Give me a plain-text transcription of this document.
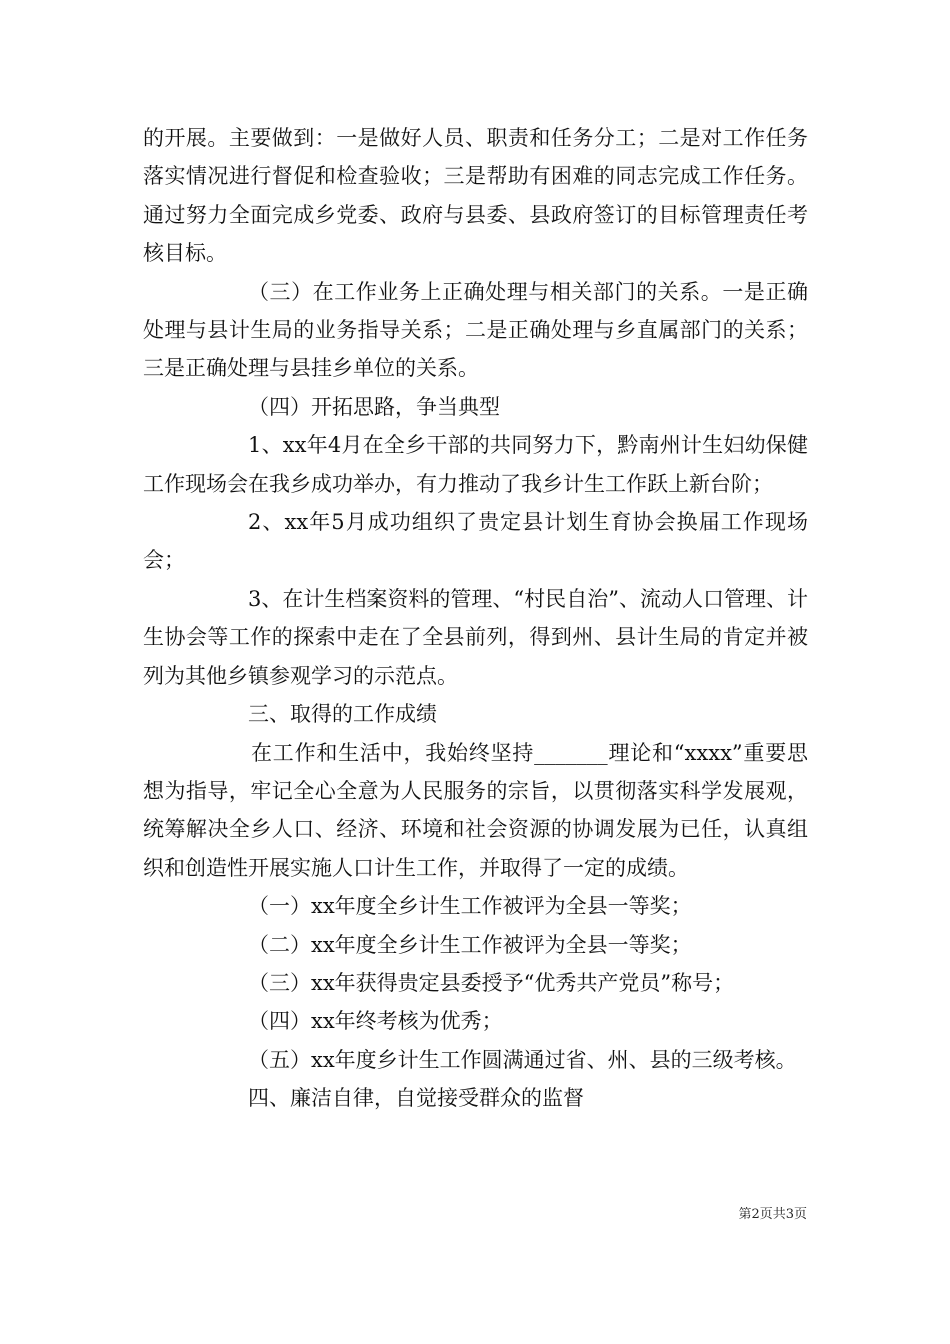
的开展。主要做到：一是做好人员、职责和任务分工；二是对工作任务落实情况进行督促和检查验收；三是帮助有困难的同志完成工作任务。通过努力全面完成乡党委、政府与县委、县政府签订的目标管理责任考核目标。

（三）在工作业务上正确处理与相关部门的关系。一是正确处理与县计生局的业务指导关系；二是正确处理与乡直属部门的关系；三是正确处理与县挂乡单位的关系。

（四）开拓思路，争当典型

1、xx年4月在全乡干部的共同努力下，黔南州计生妇幼保健工作现场会在我乡成功举办，有力推动了我乡计生工作跃上新台阶；

2、xx年5月成功组织了贵定县计划生育协会换届工作现场会；

3、在计生档案资料的管理、“村民自治”、流动人口管理、计生协会等工作的探索中走在了全县前列，得到州、县计生局的肯定并被列为其他乡镇参观学习的示范点。

三、取得的工作成绩

在工作和生活中，我始终坚持_______理论和“xxxx”重要思想为指导，牢记全心全意为人民服务的宗旨，以贯彻落实科学发展观，统筹解决全乡人口、经济、环境和社会资源的协调发展为已任，认真组织和创造性开展实施人口计生工作，并取得了一定的成绩。

（一）xx年度全乡计生工作被评为全县一等奖；

（二）xx年度全乡计生工作被评为全县一等奖；

（三）xx年获得贵定县委授予“优秀共产党员”称号；

（四）xx年终考核为优秀；

（五）xx年度乡计生工作圆满通过省、州、县的三级考核。

四、廉洁自律，自觉接受群众的监督

第2页共3页
